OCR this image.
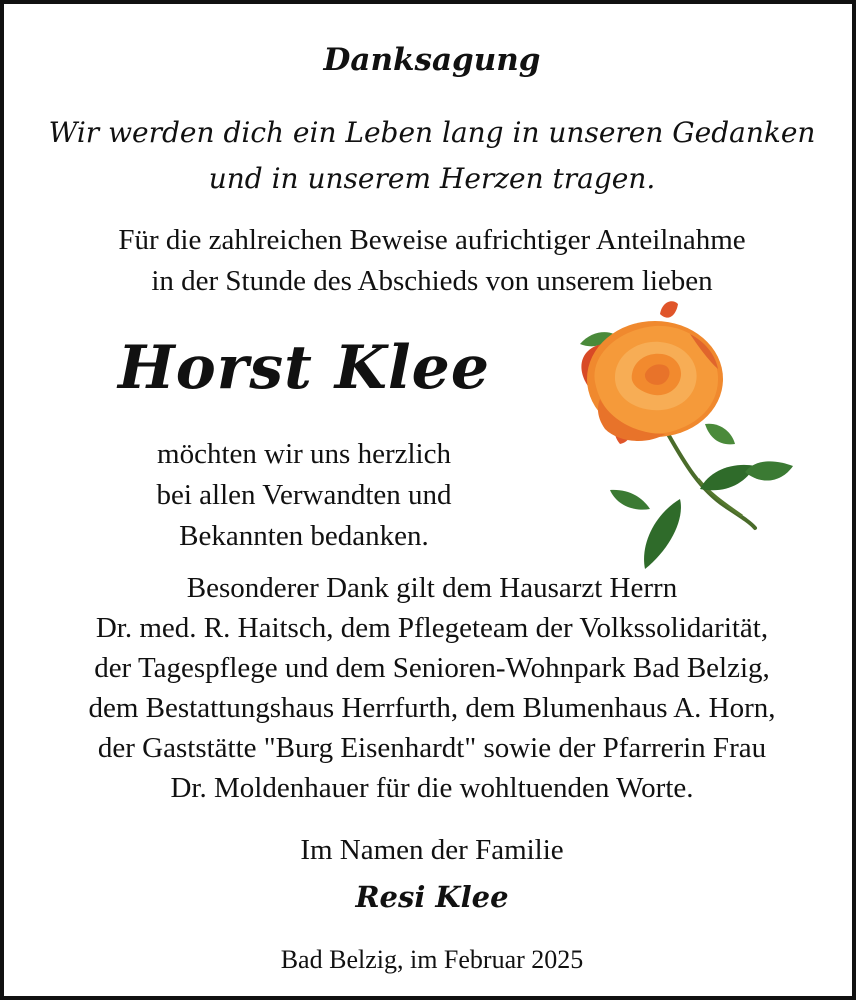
Danksagung
Wir werden dich ein Leben lang in unseren Gedanken
und in unserem Herzen tragen.
Für die zahlreichen Beweise aufrichtiger Anteilnahme
in der Stunde des Abschieds von unserem lieben
Horst Klee
möchten wir uns herzlich
bei allen Verwandten und
Bekannten bedanken.
Besonderer Dank gilt dem Hausarzt Herrn
Dr. med. R. Haitsch, dem Pflegeteam der Volkssolidarität,
der Tagespflege und dem Senioren-Wohnpark Bad Belzig,
dem Bestattungshaus Herrfurth, dem Blumenhaus A. Horn,
der Gaststätte "Burg Eisenhardt" sowie der Pfarrerin Frau
Dr. Moldenhauer für die wohltuenden Worte.
Im Namen der Familie
Resi Klee
Bad Belzig, im Februar 2025
